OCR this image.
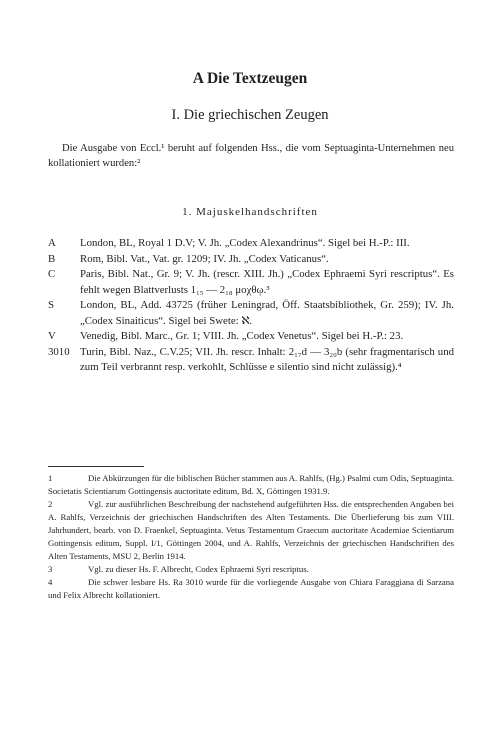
A Die Textzeugen
I. Die griechischen Zeugen
Die Ausgabe von Eccl.¹ beruht auf folgenden Hss., die vom Septuaginta-Unternehmen neu kollationiert wurden:²
1. Majuskelhandschriften
A London, BL, Royal 1 D.V; V. Jh. „Codex Alexandrinus“. Sigel bei H.-P.: III.
B Rom, Bibl. Vat., Vat. gr. 1209; IV. Jh. „Codex Vaticanus“.
C Paris, Bibl. Nat., Gr. 9; V. Jh. (rescr. XIII. Jh.) „Codex Ephraemi Syri rescriptus“. Es fehlt wegen Blattverlusts 1₁₅ — 2₁₈ μοχθῳ.³
S London, BL, Add. 43725 (früher Leningrad, Öff. Staatsbibliothek, Gr. 259); IV. Jh. „Codex Sinaiticus“. Sigel bei Swete: ℵ.
V Venedig, Bibl. Marc., Gr. 1; VIII. Jh. „Codex Venetus“. Sigel bei H.-P.: 23.
3010 Turin, Bibl. Naz., C.V.25; VII. Jh. rescr. Inhalt: 2₁₇d — 3₂₀b (sehr fragmentarisch und zum Teil verbrannt resp. verkohlt, Schlüsse e silentio sind nicht zulässig).⁴
1	Die Abkürzungen für die biblischen Bücher stammen aus A. Rahlfs, (Hg.) Psalmi cum Odis, Septuaginta. Societatis Scientiarum Gottingensis auctoritate editum, Bd. X, Göttingen 1931.9.
2	Vgl. zur ausführlichen Beschreibung der nachstehend aufgeführten Hss. die entsprechenden Angaben bei A. Rahlfs, Verzeichnis der griechischen Handschriften des Alten Testaments. Die Überlieferung bis zum VIII. Jahrhundert, bearb. von D. Fraenkel, Septuaginta. Vetus Testamentum Graecum auctoritate Academiae Scientiarum Gottingensis editum, Suppl. I/1, Göttingen 2004, und A. Rahlfs, Verzeichnis der griechischen Handschriften des Alten Testaments, MSU 2, Berlin 1914.
3	Vgl. zu dieser Hs. F. Albrecht, Codex Ephraemi Syri rescriptus.
4	Die schwer lesbare Hs. Ra 3010 wurde für die vorliegende Ausgabe von Chiara Faraggiana di Sarzana und Felix Albrecht kollationiert.
